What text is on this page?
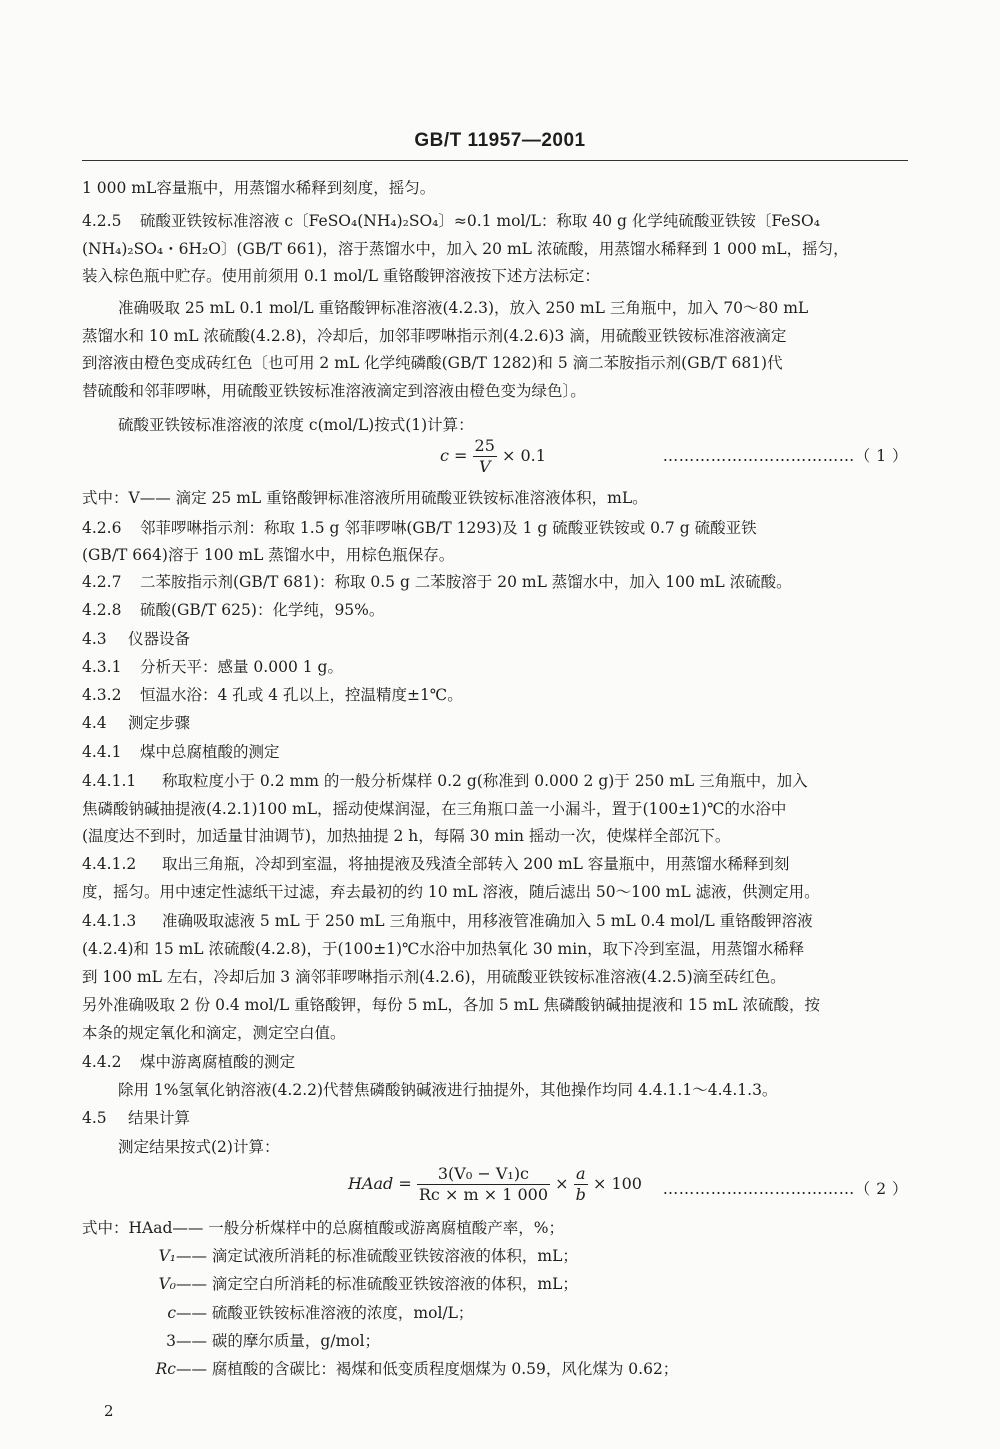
GB/T 11957—2001
1 000 mL容量瓶中，用蒸馏水稀释到刻度，摇匀。
4.2.5 硫酸亚铁铵标准溶液 c〔FeSO₄(NH₄)₂SO₄〕≈0.1 mol/L：称取 40 g 化学纯硫酸亚铁铵〔FeSO₄
(NH₄)₂SO₄・6H₂O〕(GB/T 661)，溶于蒸馏水中，加入 20 mL 浓硫酸，用蒸馏水稀释到 1 000 mL，摇匀，
装入棕色瓶中贮存。使用前须用 0.1 mol/L 重铬酸钾溶液按下述方法标定：
准确吸取 25 mL 0.1 mol/L 重铬酸钾标准溶液(4.2.3)，放入 250 mL 三角瓶中，加入 70～80 mL
蒸馏水和 10 mL 浓硫酸(4.2.8)，冷却后，加邻菲啰啉指示剂(4.2.6)3 滴，用硫酸亚铁铵标准溶液滴定
到溶液由橙色变成砖红色〔也可用 2 mL 化学纯磷酸(GB/T 1282)和 5 滴二苯胺指示剂(GB/T 681)代
替硫酸和邻菲啰啉，用硫酸亚铁铵标准溶液滴定到溶液由橙色变为绿色〕。
硫酸亚铁铵标准溶液的浓度 c(mol/L)按式(1)计算：
$c = \frac{25}{V} \times 0.1$	………………………………（ 1 ）
式中：V—— 滴定 25 mL 重铬酸钾标准溶液所用硫酸亚铁铵标准溶液体积，mL。
4.2.6 邻菲啰啉指示剂：称取 1.5 g 邻菲啰啉(GB/T 1293)及 1 g 硫酸亚铁铵或 0.7 g 硫酸亚铁
(GB/T 664)溶于 100 mL 蒸馏水中，用棕色瓶保存。
4.2.7 二苯胺指示剂(GB/T 681)：称取 0.5 g 二苯胺溶于 20 mL 蒸馏水中，加入 100 mL 浓硫酸。
4.2.8 硫酸(GB/T 625)：化学纯，95%。
4.3 仪器设备
4.3.1 分析天平：感量 0.000 1 g。
4.3.2 恒温水浴：4 孔或 4 孔以上，控温精度±1℃。
4.4 测定步骤
4.4.1 煤中总腐植酸的测定
4.4.1.1 称取粒度小于 0.2 mm 的一般分析煤样 0.2 g(称准到 0.000 2 g)于 250 mL 三角瓶中，加入
焦磷酸钠碱抽提液(4.2.1)100 mL，摇动使煤润湿，在三角瓶口盖一小漏斗，置于(100±1)℃的水浴中
(温度达不到时，加适量甘油调节)，加热抽提 2 h，每隔 30 min 摇动一次，使煤样全部沉下。
4.4.1.2 取出三角瓶，冷却到室温，将抽提液及残渣全部转入 200 mL 容量瓶中，用蒸馏水稀释到刻
度，摇匀。用中速定性滤纸干过滤，弃去最初的约 10 mL 溶液，随后滤出 50～100 mL 滤液，供测定用。
4.4.1.3 准确吸取滤液 5 mL 于 250 mL 三角瓶中，用移液管准确加入 5 mL 0.4 mol/L 重铬酸钾溶液
(4.2.4)和 15 mL 浓硫酸(4.2.8)，于(100±1)℃水浴中加热氧化 30 min，取下冷到室温，用蒸馏水稀释
到 100 mL 左右，冷却后加 3 滴邻菲啰啉指示剂(4.2.6)，用硫酸亚铁铵标准溶液(4.2.5)滴至砖红色。
另外准确吸取 2 份 0.4 mol/L 重铬酸钾，每份 5 mL，各加 5 mL 焦磷酸钠碱抽提液和 15 mL 浓硫酸，按
本条的规定氧化和滴定，测定空白值。
4.4.2 煤中游离腐植酸的测定
除用 1%氢氧化钠溶液(4.2.2)代替焦磷酸钠碱液进行抽提外，其他操作均同 4.4.1.1～4.4.1.3。
4.5 结果计算
测定结果按式(2)计算：
HAad = $\frac{\text{3(V₀ − V₁)c}}{Rc \times m \times 1 000} \times \frac{a}{b} \times 100$ ………………………………（ 2 ）
式中：HAad—— 一般分析煤样中的总腐植酸或游离腐植酸产率，%；
V₁—— 滴定试液所消耗的标准硫酸亚铁铵溶液的体积，mL；
V₀—— 滴定空白所消耗的标准硫酸亚铁铵溶液的体积，mL；
c—— 硫酸亚铁铵标准溶液的浓度，mol/L；
3—— 碳的摩尔质量，g/mol；
Rc—— 腐植酸的含碳比：褐煤和低变质程度烟煤为 0.59，风化煤为 0.62；
2
